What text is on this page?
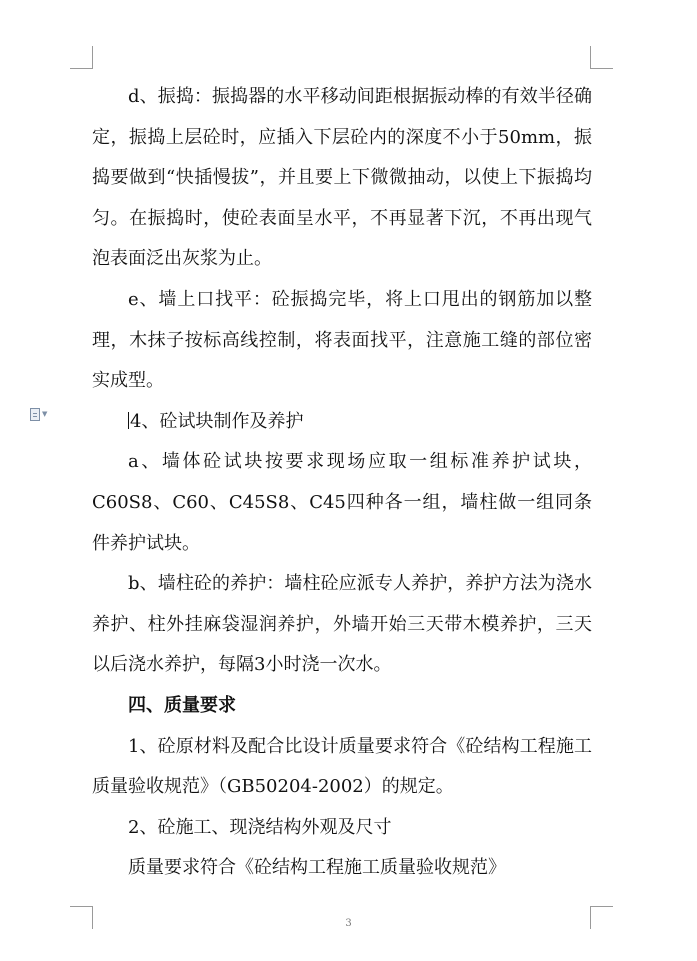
▼

d、振捣：振捣器的水平移动间距根据振动棒的有效半径确定，振捣上层砼时，应插入下层砼内的深度不小于50mm，振捣要做到“快插慢拔”，并且要上下微微抽动，以使上下振捣均匀。在振捣时，使砼表面呈水平，不再显著下沉，不再出现气泡表面泛出灰浆为止。

e、墙上口找平：砼振捣完毕，将上口甩出的钢筋加以整理，木抹子按标高线控制，将表面找平，注意施工缝的部位密实成型。

4、砼试块制作及养护

a、墙体砼试块按要求现场应取一组标准养护试块，C60S8、C60、C45S8、C45四种各一组，墙柱做一组同条件养护试块。

b、墙柱砼的养护：墙柱砼应派专人养护，养护方法为浇水养护、柱外挂麻袋湿润养护，外墙开始三天带木模养护，三天以后浇水养护，每隔3小时浇一次水。

四、质量要求

1、砼原材料及配合比设计质量要求符合《砼结构工程施工质量验收规范》（GB50204-2002）的规定。

2、砼施工、现浇结构外观及尺寸

质量要求符合《砼结构工程施工质量验收规范》

3
